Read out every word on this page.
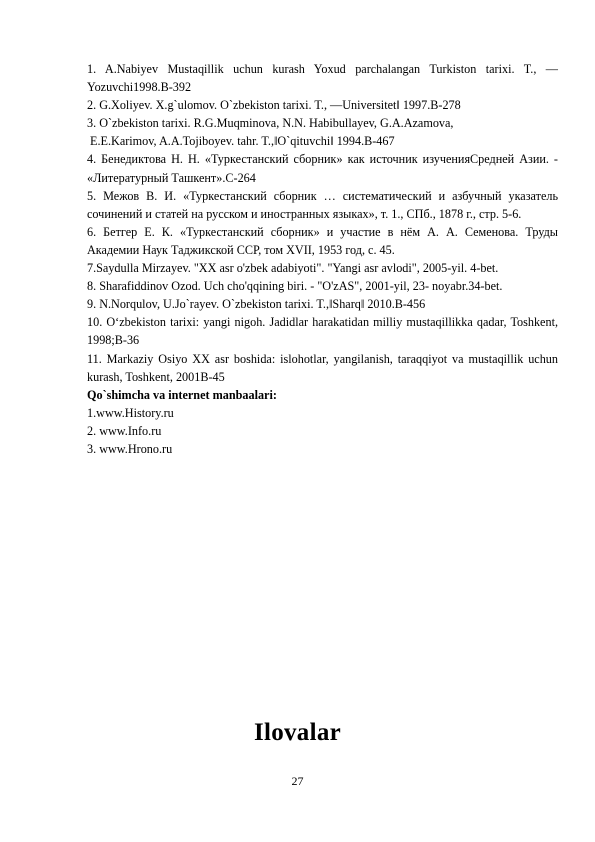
1. A.Nabiyev Mustaqillik uchun kurash Yoxud parchalangan Turkiston tarixi. T., —Yozuvchi1998.B-392

2. G.Xoliyev. X.g`ulomov. O`zbekiston tarixi. T., —Universitet‖ 1997.B-278

3. O`zbekiston tarixi. R.G.Muqminova, N.N. Habibullayev, G.A.Azamova,

E.E.Karimov, A.A.Tojiboyev. tahr. T.,‖O`qituvchi‖ 1994.B-467

4. Бенедиктова Н. Н. «Туркестанский сборник» как источник изученияСредней Азии. - «Литературный Ташкент».С-264

5. Межов В. И. «Туркестанский сборник … систематический и азбучный указатель сочинений и статей на русском и иностранных языках», т. 1., СПб., 1878 г., стр. 5-6.

6. Бетгер Е. К. «Туркестанский сборник» и участие в нём А. А. Семенова. Труды Академии Наук Таджикской ССР, том XVII, 1953 год, с. 45.

7.Saydulla Mirzayev. "XX asr o'zbek adabiyoti". "Yangi asr avlodi", 2005-yil. 4-bet.

8. Sharafiddinov Ozod. Uch cho'qqining biri. - "O'zAS", 2001-yil, 23- noyabr.34-bet.

9. N.Norqulov, U.Jo`rayev. O`zbekiston tarixi. T.,‖Sharq‖ 2010.B-456

10. O‘zbekiston tarixi: yangi nigoh. Jadidlar harakatidan milliy mustaqillikka qadar, Toshkent, 1998;B-36

11. Markaziy Osiyo XX asr boshida: islohotlar, yangilanish, taraqqiyot va mustaqillik uchun kurash, Toshkent, 2001B-45

Qo`shimcha va internet manbaalari:

1.www.History.ru

2. www.Info.ru

3. www.Hrono.ru

Ilovalar
27
